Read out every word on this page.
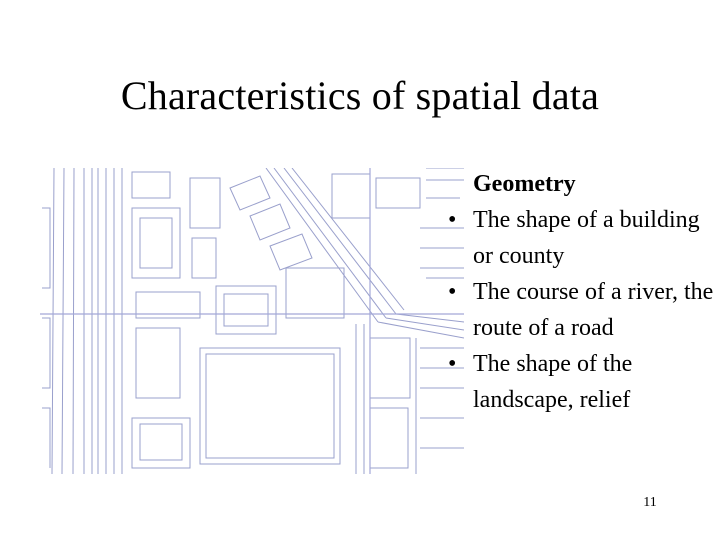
Characteristics of spatial data
Geometry
• The shape of a building or county
• The course of a river, the route of a road
• The shape of the landscape, relief
11
